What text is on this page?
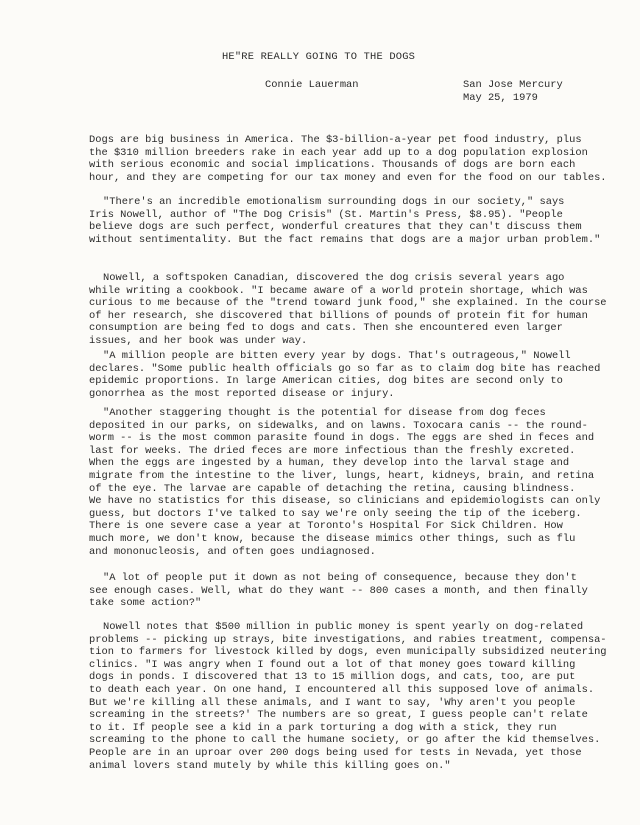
HE"RE REALLY GOING TO THE DOGS
Connie Lauerman	San Jose Mercury
May 25, 1979
Dogs are big business in America. The $3-billion-a-year pet food industry, plus
the $310 million breeders rake in each year add up to a dog population explosion
with serious economic and social implications. Thousands of dogs are born each
hour, and they are competing for our tax money and even for the food on our tables.
"There's an incredible emotionalism surrounding dogs in our society," says
Iris Nowell, author of "The Dog Crisis" (St. Martin's Press, $8.95). "People
believe dogs are such perfect, wonderful creatures that they can't discuss them
without sentimentality. But the fact remains that dogs are a major urban problem."
Nowell, a softspoken Canadian, discovered the dog crisis several years ago
while writing a cookbook. "I became aware of a world protein shortage, which was
curious to me because of the "trend toward junk food," she explained. In the course
of her research, she discovered that billions of pounds of protein fit for human
consumption are being fed to dogs and cats. Then she encountered even larger
issues, and her book was under way.
"A million people are bitten every year by dogs. That's outrageous," Nowell
declares. "Some public health officials go so far as to claim dog bite has reached
epidemic proportions. In large American cities, dog bites are second only to
gonorrhea as the most reported disease or injury.
"Another staggering thought is the potential for disease from dog feces
deposited in our parks, on sidewalks, and on lawns. Toxocara canis -- the round-
worm -- is the most common parasite found in dogs. The eggs are shed in feces and
last for weeks. The dried feces are more infectious than the freshly excreted.
When the eggs are ingested by a human, they develop into the larval stage and
migrate from the intestine to the liver, lungs, heart, kidneys, brain, and retina
of the eye. The larvae are capable of detaching the retina, causing blindness.
We have no statistics for this disease, so clinicians and epidemiologists can only
guess, but doctors I've talked to say we're only seeing the tip of the iceberg.
There is one severe case a year at Toronto's Hospital For Sick Children. How
much more, we don't know, because the disease mimics other things, such as flu
and mononucleosis, and often goes undiagnosed.
"A lot of people put it down as not being of consequence, because they don't
see enough cases. Well, what do they want -- 800 cases a month, and then finally
take some action?"
Nowell notes that $500 million in public money is spent yearly on dog-related
problems -- picking up strays, bite investigations, and rabies treatment, compensa-
tion to farmers for livestock killed by dogs, even municipally subsidized neutering
clinics. "I was angry when I found out a lot of that money goes toward killing
dogs in ponds. I discovered that 13 to 15 million dogs, and cats, too, are put
to death each year. On one hand, I encountered all this supposed love of animals.
But we're killing all these animals, and I want to say, 'Why aren't you people
screaming in the streets?' The numbers are so great, I guess people can't relate
to it. If people see a kid in a park torturing a dog with a stick, they run
screaming to the phone to call the humane society, or go after the kid themselves.
People are in an uproar over 200 dogs being used for tests in Nevada, yet those
animal lovers stand mutely by while this killing goes on."
